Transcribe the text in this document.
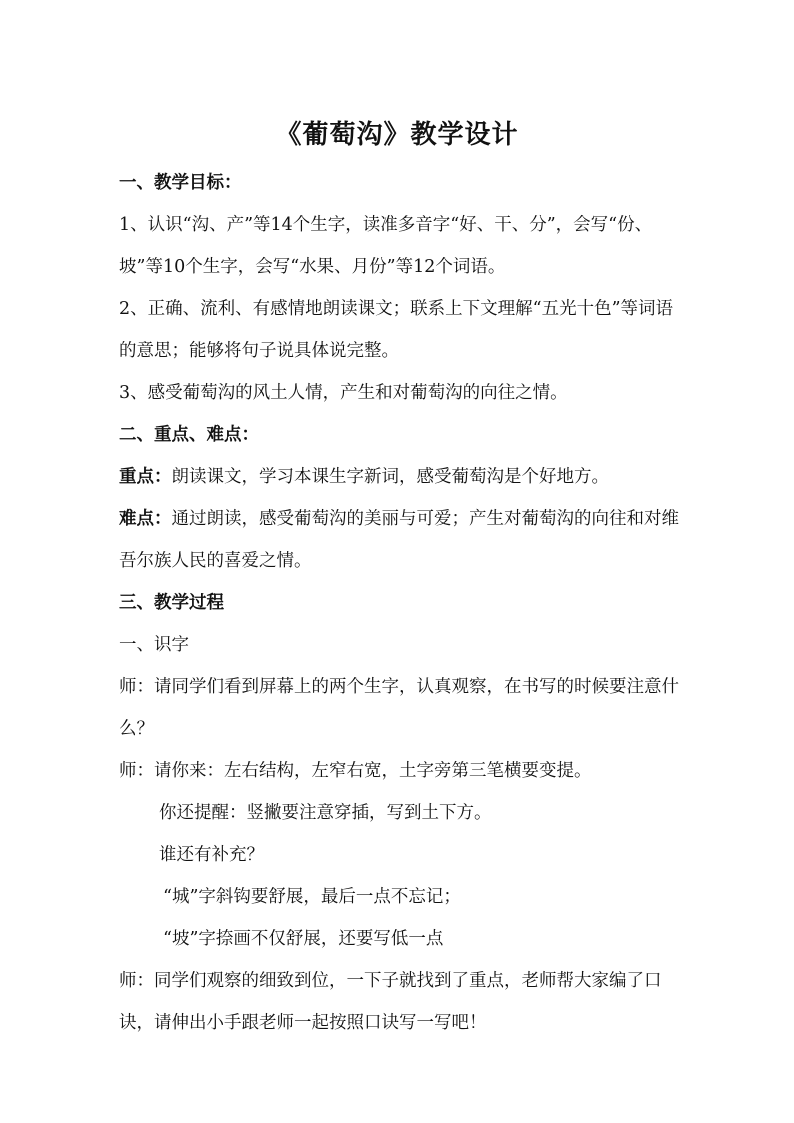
《葡萄沟》教学设计

一、教学目标：

1、认识“沟、产”等14个生字，读准多音字“好、干、分”，会写“份、坡”等10个生字，会写“水果、月份”等12个词语。

2、正确、流利、有感情地朗读课文；联系上下文理解“五光十色”等词语的意思；能够将句子说具体说完整。

3、感受葡萄沟的风土人情，产生和对葡萄沟的向往之情。

二、重点、难点：

重点：朗读课文，学习本课生字新词，感受葡萄沟是个好地方。

难点：通过朗读，感受葡萄沟的美丽与可爱；产生对葡萄沟的向往和对维吾尔族人民的喜爱之情。

三、教学过程

一、识字

师：请同学们看到屏幕上的两个生字，认真观察，在书写的时候要注意什么？

师：请你来：左右结构，左窄右宽，土字旁第三笔横要变提。

你还提醒：竖撇要注意穿插，写到土下方。

谁还有补充？

“城”字斜钩要舒展，最后一点不忘记；

“坡”字捺画不仅舒展，还要写低一点

师：同学们观察的细致到位，一下子就找到了重点，老师帮大家编了口诀，请伸出小手跟老师一起按照口诀写一写吧！
